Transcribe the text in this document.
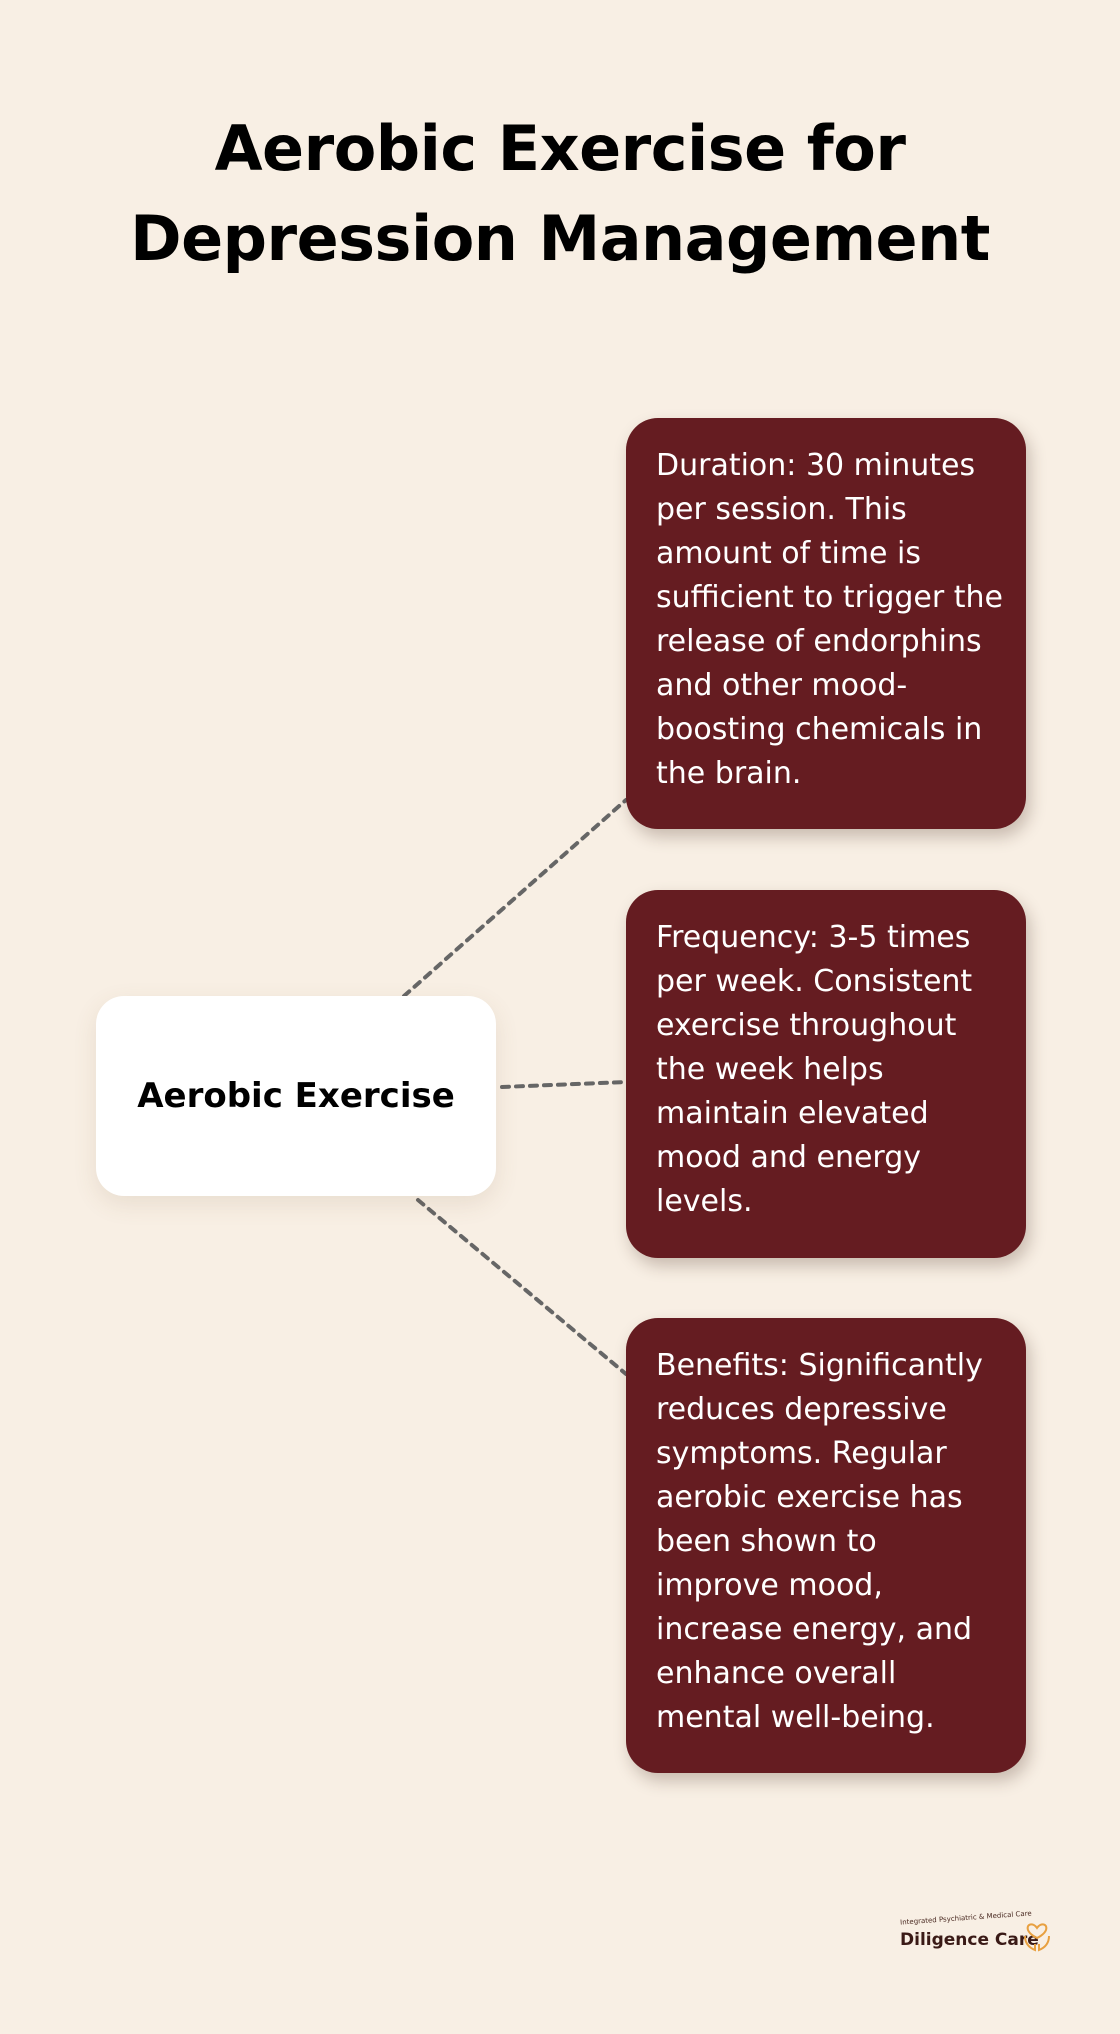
Aerobic Exercise for
Depression Management
Aerobic Exercise
Duration: 30 minutes per session. This amount of time is sufficient to trigger the release of endorphins and other mood-boosting chemicals in the brain.
Frequency: 3-5 times per week. Consistent exercise throughout the week helps maintain elevated mood and energy levels.
Benefits: Significantly reduces depressive symptoms. Regular aerobic exercise has been shown to improve mood, increase energy, and enhance overall mental well-being.
Integrated Psychiatric & Medical Care
Diligence Care
